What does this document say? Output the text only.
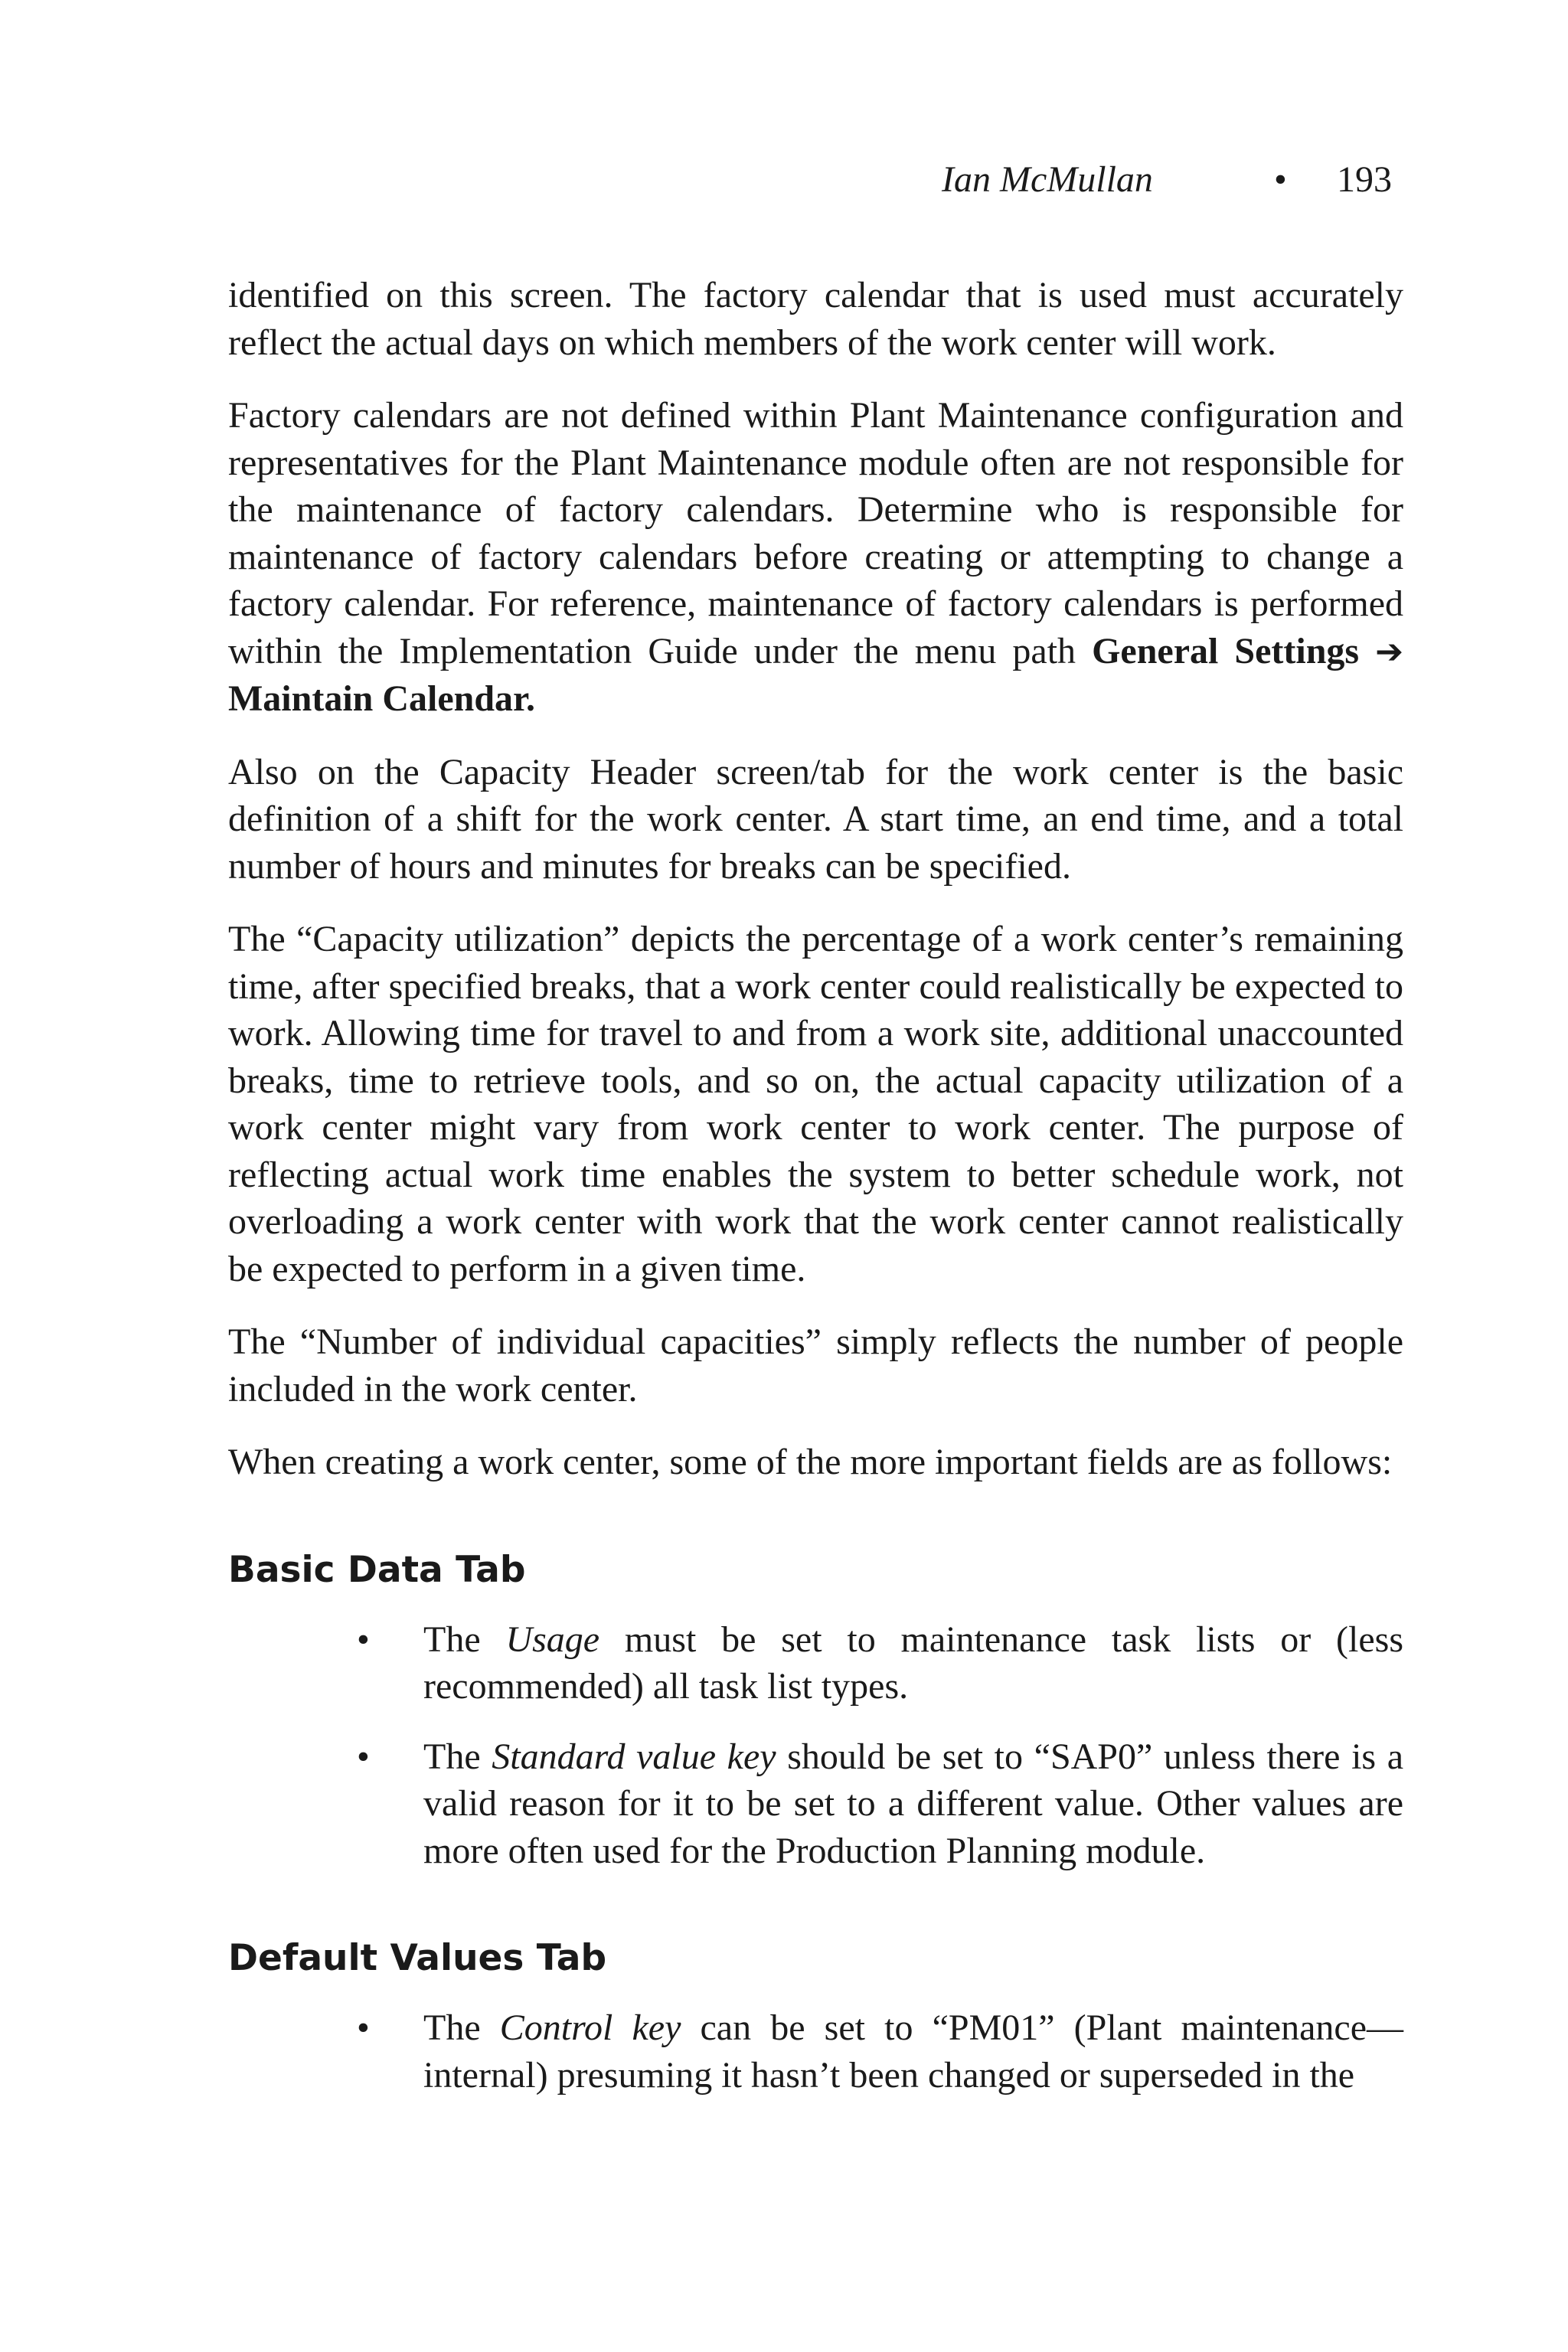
Ian McMullan	• 193

identified on this screen. The factory calendar that is used must accurately reflect the actual days on which members of the work center will work.

Factory calendars are not defined within Plant Maintenance configuration and representatives for the Plant Maintenance module often are not responsible for the maintenance of factory calendars. Determine who is responsible for maintenance of factory calendars before creating or attempting to change a factory calendar. For reference, maintenance of factory calendars is performed within the Implementation Guide under the menu path General Settings ➔ Maintain Calendar.

Also on the Capacity Header screen/tab for the work center is the basic definition of a shift for the work center. A start time, an end time, and a total number of hours and minutes for breaks can be specified.

The “Capacity utilization” depicts the percentage of a work center’s remaining time, after specified breaks, that a work center could realistically be expected to work. Allowing time for travel to and from a work site, additional unaccounted breaks, time to retrieve tools, and so on, the actual capacity utilization of a work center might vary from work center to work center. The purpose of reflecting actual work time enables the system to better schedule work, not overloading a work center with work that the work center cannot realistically be expected to perform in a given time.

The “Number of individual capacities” simply reflects the number of people included in the work center.

When creating a work center, some of the more important fields are as follows:

Basic Data Tab
• The Usage must be set to maintenance task lists or (less recommended) all task list types.

• The Standard value key should be set to “SAP0” unless there is a valid reason for it to be set to a different value. Other values are more often used for the Production Planning module.

Default Values Tab
• The Control key can be set to “PM01” (Plant maintenance—internal) presuming it hasn’t been changed or superseded in the
